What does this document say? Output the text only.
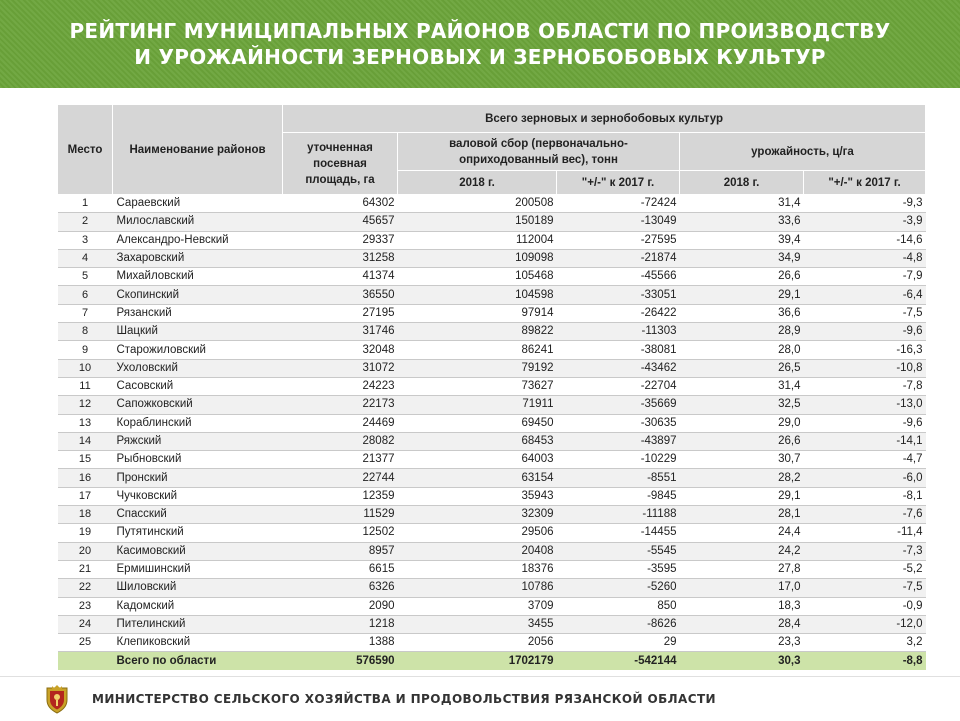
РЕЙТИНГ МУНИЦИПАЛЬНЫХ РАЙОНОВ ОБЛАСТИ ПО ПРОИЗВОДСТВУ
И УРОЖАЙНОСТИ ЗЕРНОВЫХ И ЗЕРНОБОБОВЫХ КУЛЬТУР
Место	Наименование районов	Всего зерновых и зернобобовых культур				
		уточненная посевная площадь, га	валовой сбор (первоначально-оприходованный вес), тонн		урожайность, ц/га	
			2018 г.	"+/-" к 2017 г.	2018 г.	"+/-" к 2017 г.
1	Сараевский	64302	200508	-72424	31,4	-9,3
2	Милославский	45657	150189	-13049	33,6	-3,9
3	Александро-Невский	29337	112004	-27595	39,4	-14,6
4	Захаровский	31258	109098	-21874	34,9	-4,8
5	Михайловский	41374	105468	-45566	26,6	-7,9
6	Скопинский	36550	104598	-33051	29,1	-6,4
7	Рязанский	27195	97914	-26422	36,6	-7,5
8	Шацкий	31746	89822	-11303	28,9	-9,6
9	Старожиловский	32048	86241	-38081	28,0	-16,3
10	Ухоловский	31072	79192	-43462	26,5	-10,8
11	Сасовский	24223	73627	-22704	31,4	-7,8
12	Сапожковский	22173	71911	-35669	32,5	-13,0
13	Кораблинский	24469	69450	-30635	29,0	-9,6
14	Ряжский	28082	68453	-43897	26,6	-14,1
15	Рыбновский	21377	64003	-10229	30,7	-4,7
16	Пронский	22744	63154	-8551	28,2	-6,0
17	Чучковский	12359	35943	-9845	29,1	-8,1
18	Спасский	11529	32309	-11188	28,1	-7,6
19	Путятинский	12502	29506	-14455	24,4	-11,4
20	Касимовский	8957	20408	-5545	24,2	-7,3
21	Ермишинский	6615	18376	-3595	27,8	-5,2
22	Шиловский	6326	10786	-5260	17,0	-7,5
23	Кадомский	2090	3709	850	18,3	-0,9
24	Пителинский	1218	3455	-8626	28,4	-12,0
25	Клепиковский	1388	2056	29	23,3	3,2
	Всего по области	576590	1702179	-542144	30,3	-8,8
МИНИСТЕРСТВО СЕЛЬСКОГО ХОЗЯЙСТВА И ПРОДОВОЛЬСТВИЯ РЯЗАНСКОЙ ОБЛАСТИ
